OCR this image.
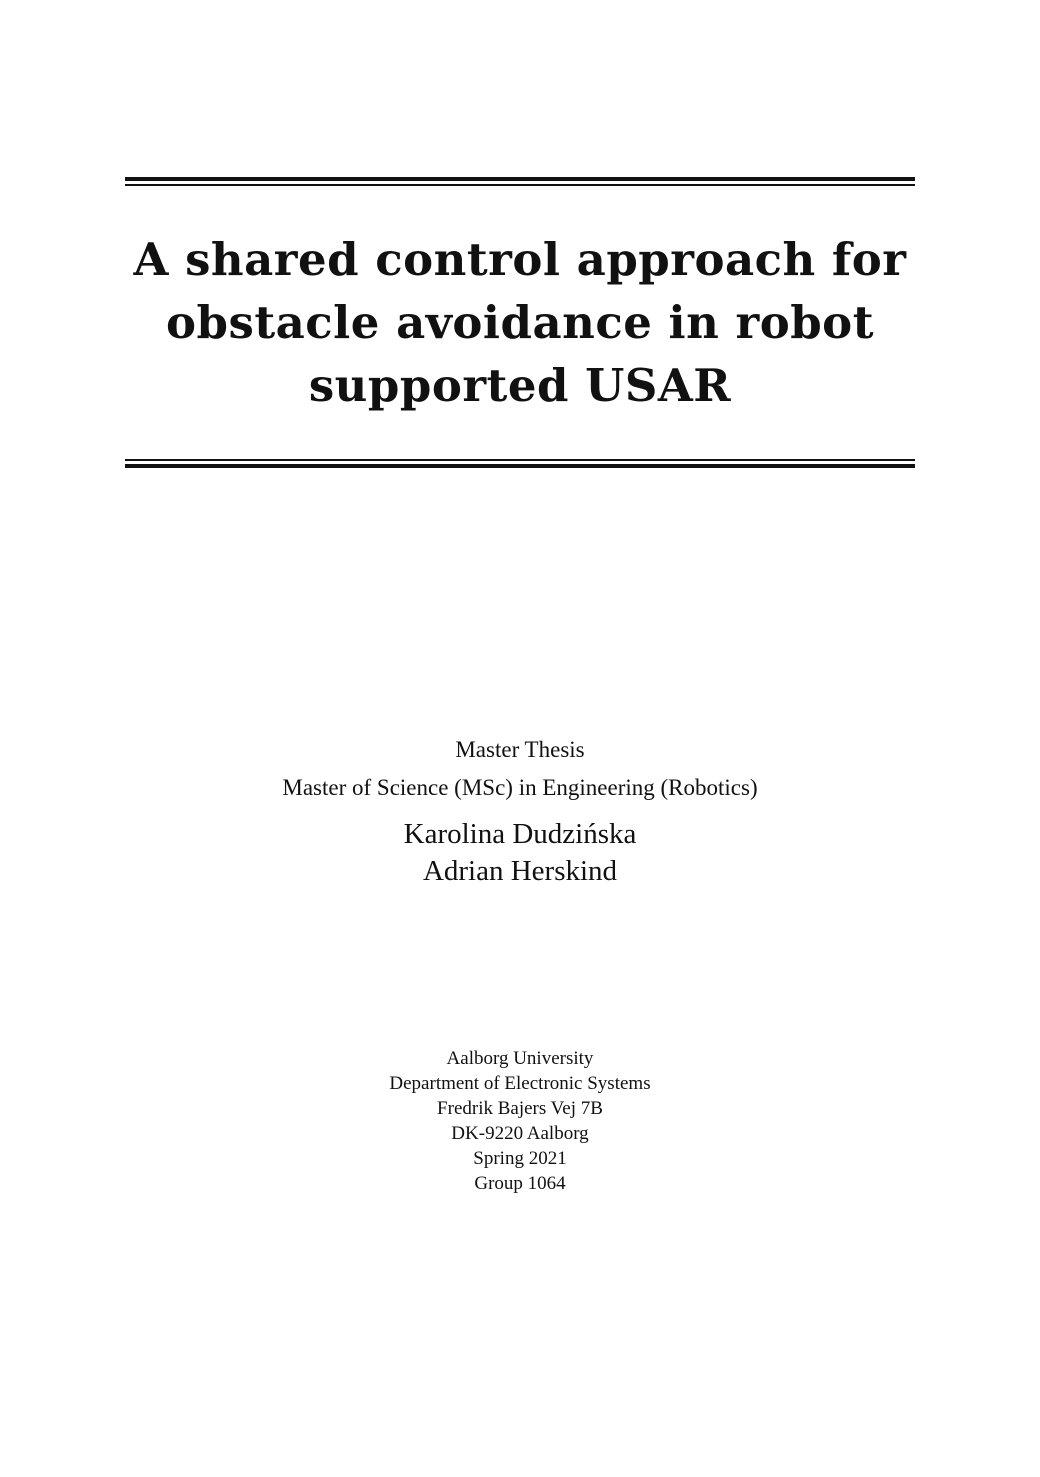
A shared control approach for
obstacle avoidance in robot
supported USAR
Master Thesis
Master of Science (MSc) in Engineering (Robotics)
Karolina Dudzińska
Adrian Herskind
Aalborg University
Department of Electronic Systems
Fredrik Bajers Vej 7B
DK-9220 Aalborg
Spring 2021
Group 1064
